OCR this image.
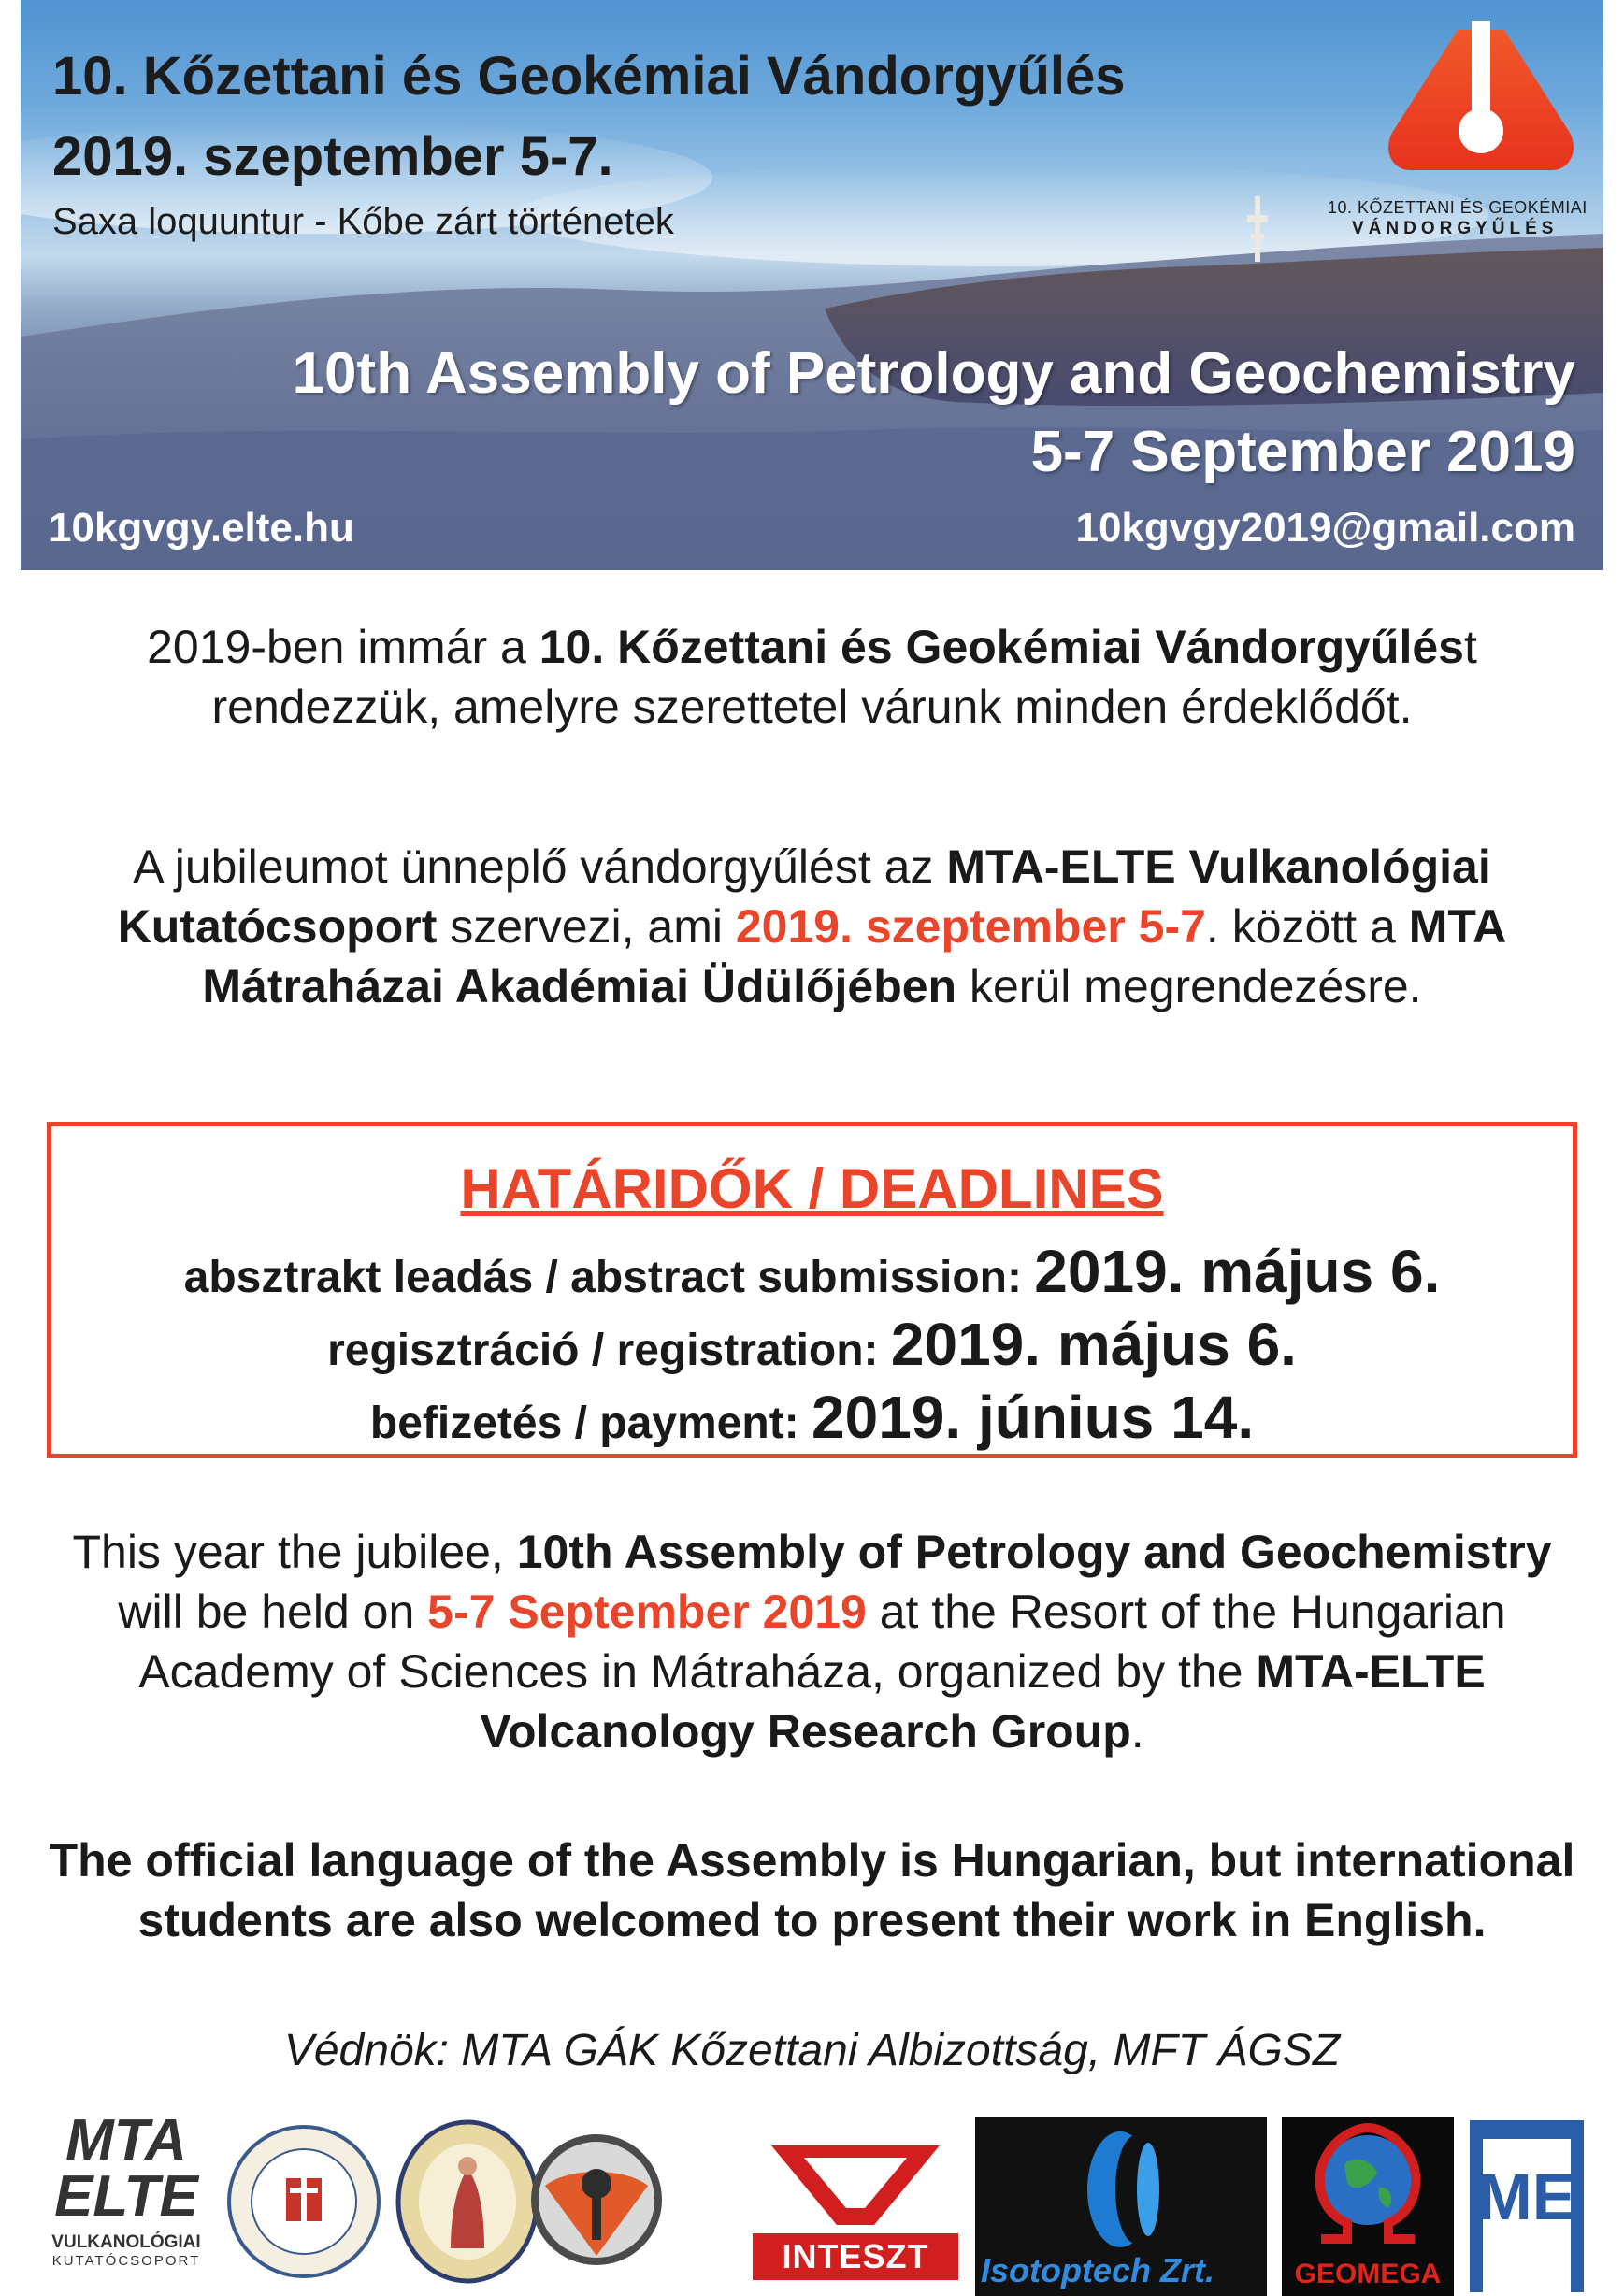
10. Kőzettani és Geokémiai Vándorgyűlés
2019. szeptember 5-7.
Saxa loquuntur - Kőbe zárt történetek	10. KŐZETTANI ÉS GEOKÉMIAI
VÁNDORGYŰLÉS
10th Assembly of Petrology and Geochemistry
5-7 September 2019
10kgvgy.elte.hu	10kgvgy2019@gmail.com
2019-ben immár a 10. Kőzettani és Geokémiai Vándorgyűlést rendezzük, amelyre szerettetel várunk minden érdeklődőt.
A jubileumot ünneplő vándorgyűlést az MTA-ELTE Vulkanológiai Kutatócsoport szervezi, ami 2019. szeptember 5-7. között a MTA Mátraházai Akadémiai Üdülőjében kerül megrendezésre.
HATÁRIDŐK / DEADLINES
absztrakt leadás / abstract submission: 2019. május 6.
regisztráció / registration: 2019. május 6.
befizetés / payment: 2019. június 14.
This year the jubilee, 10th Assembly of Petrology and Geochemistry will be held on 5-7 September 2019 at the Resort of the Hungarian Academy of Sciences in Mátraháza, organized by the MTA-ELTE Volcanology Research Group.
The official language of the Assembly is Hungarian, but international students are also welcomed to present their work in English.
Védnök: MTA GÁK Kőzettani Albizottság, MFT ÁGSZ
MTA
ELTE
VULKANOLÓGIAI
KUTATÓCSOPORT	INTESZT	Isotoptech Zrt.	GEOMEGA
ME
